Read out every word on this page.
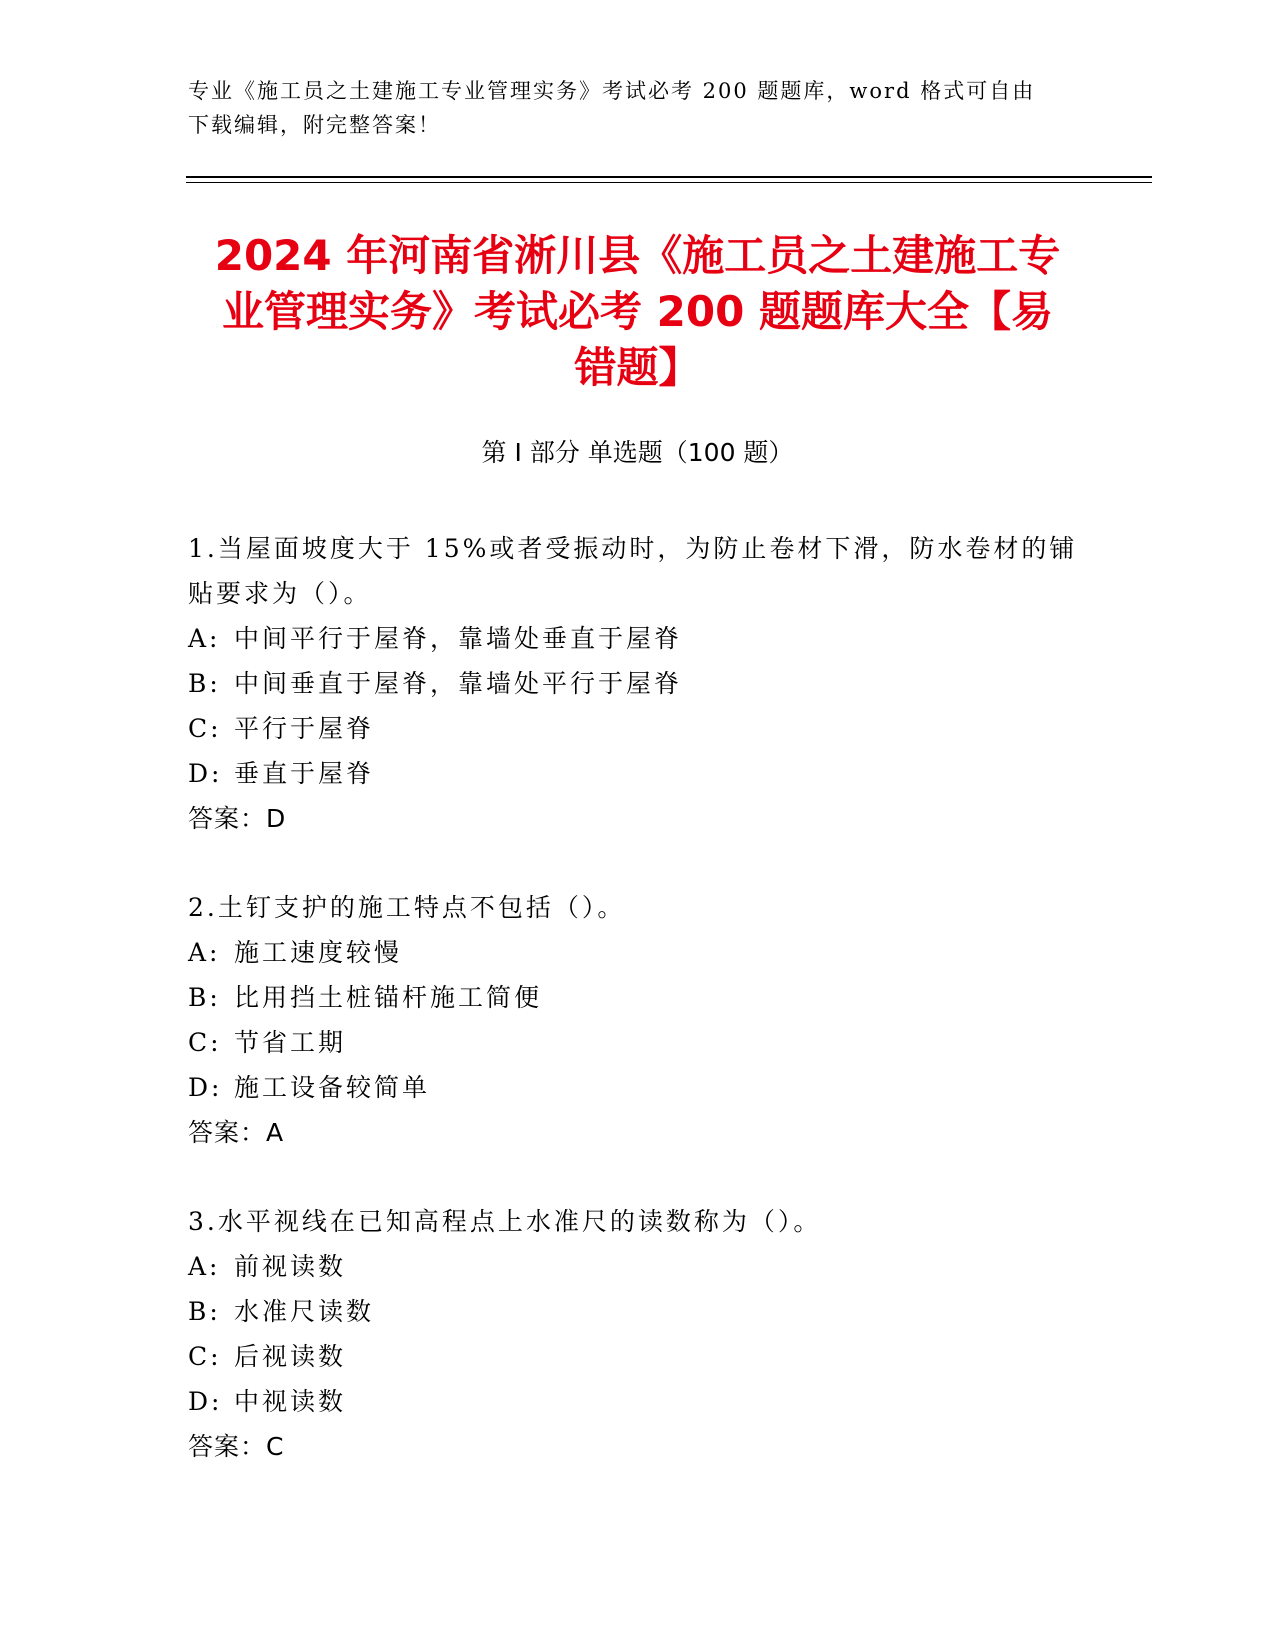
专业《施工员之土建施工专业管理实务》考试必考 200 题题库，word 格式可自由
下载编辑，附完整答案！
2024 年河南省淅川县《施工员之土建施工专
业管理实务》考试必考 200 题题库大全【易
错题】
第 I 部分 单选题（100 题）
1.当屋面坡度大于 15%或者受振动时，为防止卷材下滑，防水卷材的铺
贴要求为（）。
A: 中间平行于屋脊，靠墙处垂直于屋脊
B: 中间垂直于屋脊，靠墙处平行于屋脊
C: 平行于屋脊
D: 垂直于屋脊
答案：D
2.土钉支护的施工特点不包括（）。
A: 施工速度较慢
B: 比用挡土桩锚杆施工简便
C: 节省工期
D: 施工设备较简单
答案：A
3.水平视线在已知高程点上水准尺的读数称为（）。
A: 前视读数
B: 水准尺读数
C: 后视读数
D: 中视读数
答案：C
